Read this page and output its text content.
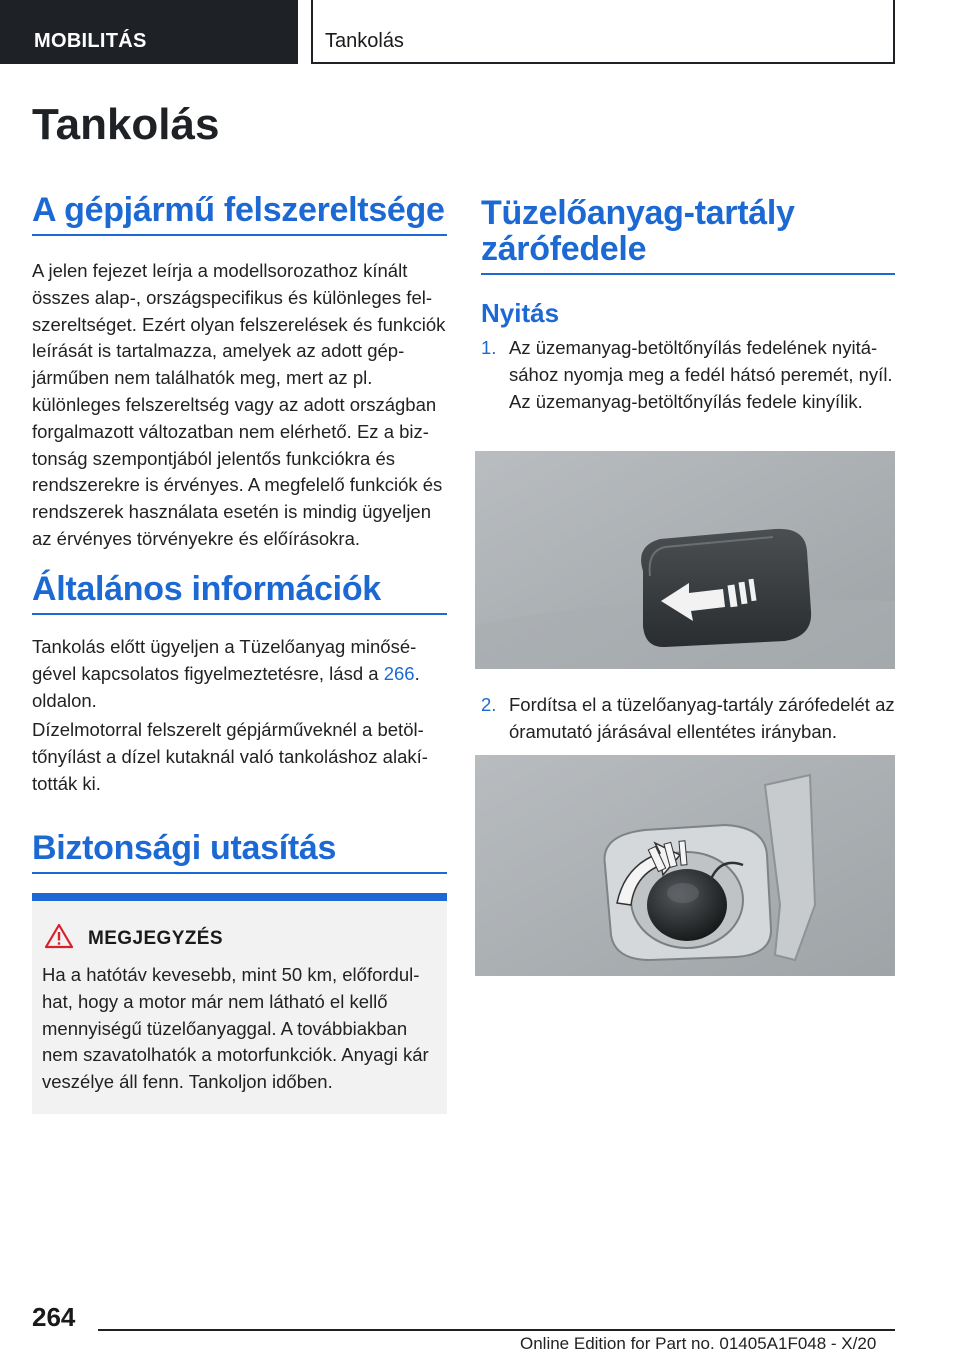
MOBILITÁS	Tankolás
Tankolás
A gépjármű felszereltsége

A jelen fejezet leírja a modellsorozathoz kínált összes alap-, országspecifikus és különleges felszereltséget. Ezért olyan felszerelések és funkciók leírását is tartalmazza, amelyek az adott gépjárműben nem találhatók meg, mert az pl. különleges felszereltség vagy az adott országban forgalmazott változatban nem elérhető. Ez a biztonság szempontjából jelentős funkciókra és rendszerekre is érvényes. A megfelelő funkciók és rendszerek használata esetén is mindig ügyeljen az érvényes törvényekre és előírásokra.

Általános információk

Tankolás előtt ügyeljen a Tüzelőanyag minőségével kapcsolatos figyelmeztetésre, lásd a 266. oldalon.

Dízelmotorral felszerelt gépjárműveknél a betöltőnyílást a dízel kutaknál való tankoláshoz alakították ki.

Biztonsági utasítás
MEGJEGYZÉS
Ha a hatótáv kevesebb, mint 50 km, előfordulhat, hogy a motor már nem látható el kellő mennyiségű tüzelőanyaggal. A továbbiakban nem szavatolhatók a motorfunkciók. Anyagi kár veszélye áll fenn. Tankoljon időben.
Tüzelőanyag-tartály zárófedele
Nyitás
1. Az üzemanyag-betöltőnyílás fedelének nyitásához nyomja meg a fedél hátsó peremét, nyíl. Az üzemanyag-betöltőnyílás fedele kinyílik.
2. Fordítsa el a tüzelőanyag-tartály zárófedelét az óramutató járásával ellentétes irányban.
264
Online Edition for Part no. 01405A1F048 - X/20
